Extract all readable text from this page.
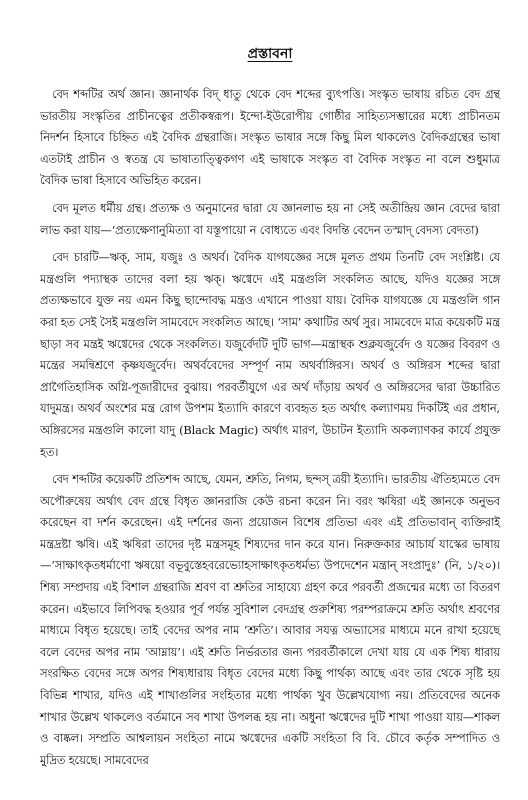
প্রস্তাবনা

বেদ শব্দটির অর্থ জ্ঞান। জ্ঞানার্থক বিদ্‌ ধাতু থেকে বেদ শব্দের ব্যুৎপত্তি। সংস্কৃত ভাষায় রচিত বেদ গ্রন্থ ভারতীয় সংস্কৃতির প্রাচীনত্বের প্রতীকস্বরূপ। ইন্দো-ইউরোপীয় গোষ্ঠীর সাহিত্যসম্ভারের মধ্যে প্রাচীনতম নিদর্শন হিসাবে চিহ্নিত এই বৈদিক গ্রন্থরাজি। সংস্কৃত ভাষার সঙ্গে কিছু মিল থাকলেও বৈদিকগ্রন্থের ভাষা এতটাই প্রাচীন ও স্বতন্ত্র যে ভাষাতাত্ত্বিকগণ এই ভাষাকে সংস্কৃত বা বৈদিক সংস্কৃত না বলে শুধুমাত্র বৈদিক ভাষা হিসাবে অভিহিত করেন।

বেদ মূলত ধর্মীয় গ্রন্থ। প্রত্যক্ষ ও অনুমানের দ্বারা যে জ্ঞানলাভ হয় না সেই অতীন্দ্রিয় জ্ঞান বেদের দ্বারা লাভ করা যায়—‘প্রত্যক্ষেণানুমিত্যা বা যস্তূপায়ো ন বোধ্যতে এবং বিদন্তি বেদেন তস্মাদ্ বেদস্য বেদতা)

বেদ চারটি—ঋক্, সাম, যজুঃ ও অথর্ব। বৈদিক যাগযজ্ঞের সঙ্গে মূলত প্রথম তিনটি বেদ সংশ্লিষ্ট। যে মন্ত্রগুলি পদ্যাস্থক তাদের বলা হয় ঋক্। ঋগ্বেদে এই মন্ত্রগুলি সংকলিত আছে, যদিও যজ্ঞের সঙ্গে প্রত্যক্ষভাবে যুক্ত নয় এমন কিছু ছান্দোবদ্ধ মন্ত্রও এখানে পাওয়া যায়। বৈদিক যাগযজ্ঞে যে মন্ত্রগুলি গান করা হত সেই সৈই মন্ত্রগুলি সামবেদে সংকলিত আছে। ‘সাম’ কথাটির অর্থ সুর। সামবেদে মাত্র কয়েকটি মন্ত্র ছাড়া সব মন্ত্রই ঋগ্বেদের থেকে সংকলিত। যজুর্বেদটি দুটি ভাগ—মন্ত্রাস্থক শুক্লযজুর্বেদ ও যজ্ঞের বিবরণ ও মন্ত্রের সমন্বিশ্রণে কৃষ্ণযজুর্বেদ। অথর্ববেদের সম্পূর্ণ নাম অথর্বাঙ্গিরস। অথর্ব ও অঙ্গিরস শব্দের দ্বারা প্রাগৈতিহাসিক অগ্নি-পূজারীদের বুঝায়। পরবর্তীযুগে এর অর্থ দাঁড়ায় অথর্ব ও অঙ্গিরসের দ্বারা উচ্চারিত যাদুমন্ত্র। অথর্ব অংশের মন্ত্র রোগ উপশম ইত্যাদি কারণে ব্যবহৃত হত অর্থাৎ কল্যাণময় দিকটিই এর প্রধান, অঙ্গিরসের মন্ত্রগুলি কালো যাদু (Black Magic) অর্থাৎ মারণ, উচাটন ইত্যাদি অকল্যাণকর কার্যে প্রযুক্ত হত।

বেদ শব্দটির কয়েকটি প্রতিশব্দ আছে, যেমন, শ্রুতি, নিগম, ছন্দস্ ত্রয়ী ইত্যাদি। ভারতীয় ঐতিহ্যমতে বেদ অপৌরুষেয় অর্থাৎ বেদ গ্রন্থে বিধৃত জ্ঞানরাজি কেউ রচনা করেন নি। বরং ঋষিরা এই জ্ঞানকে অনুভব করেছেন বা দর্শন করেছেন। এই দর্শনের জন্য প্রয়োজন বিশেষ প্রতিভা এবং এই প্রতিভাবান্ ব্যক্তিরাই মন্ত্রদ্রষ্টা ঋষি। এই ঋষিরা তাদের দৃষ্ট মন্ত্রসমূহ শিষ্যদের দান করে যান। নিরুক্তকার আচার্য যাস্কের ভাষায়—‘সাক্ষাৎকৃতধর্মাণো ঋষয়ো বভূবুস্তেহবরেভ্যোহসাক্ষাৎকৃতধর্মভ্য উপদেশেন মন্ত্রান্ সংপ্রাদুঃ’ (নি, ১/২০)। শিষ্য সম্প্রদায় এই বিশাল গ্রন্থরাজি শ্রবণ বা শ্রুতির সাহায্যে গ্রহণ করে পরবর্তী প্রজন্মের মধ্যে তা বিতরণ করেন। এইভাবে লিপিবদ্ধ হওয়ার পূর্ব পর্যন্ত সুবিশাল বেদগ্রন্থ গুরুশিষ্য পরম্পরাক্রমে শ্রুতি অর্থাৎ শ্রবণের মাধ্যমে বিধৃত হয়েছে। তাই বেদের অপর নাম ‘শ্রুতি’। আবার সযত্ন অভ্যাসের মাধ্যমে মনে রাখা হয়েছে বলে বেদের অপর নাম ‘আম্নায়’। এই শ্রুতি নির্ভরতার জন্য পরবর্তীকালে দেখা যায় যে এক শিষ্য ধারায় সংরক্ষিত বেদের সঙ্গে অপর শিষ্যধারায় বিধৃত বেদের মধ্যে কিছু পার্থক্য আছে এবং তার থেকে সৃষ্টি হয় বিভিন্ন শাখার, যদিও এই শাখাগুলির সংহিতার মধ্যে পার্থক্য খুব উল্লেখযোগ্য নয়। প্রতিবেদের অনেক শাখার উল্লেখ থাকলেও বর্তমানে সব শাখা উপলব্ধ হয় না। অধুনা ঋগ্বেদের দুটি শাখা পাওয়া যায়—শাকল ও বাষ্কল। সম্প্রতি আশ্বলায়ন সংহিতা নামে ঋগ্বেদের একটি সংহিতা বি বি. চৌবে কর্তৃক সম্পাদিত ও মুদ্রিত হয়েছে। সামবেদের
